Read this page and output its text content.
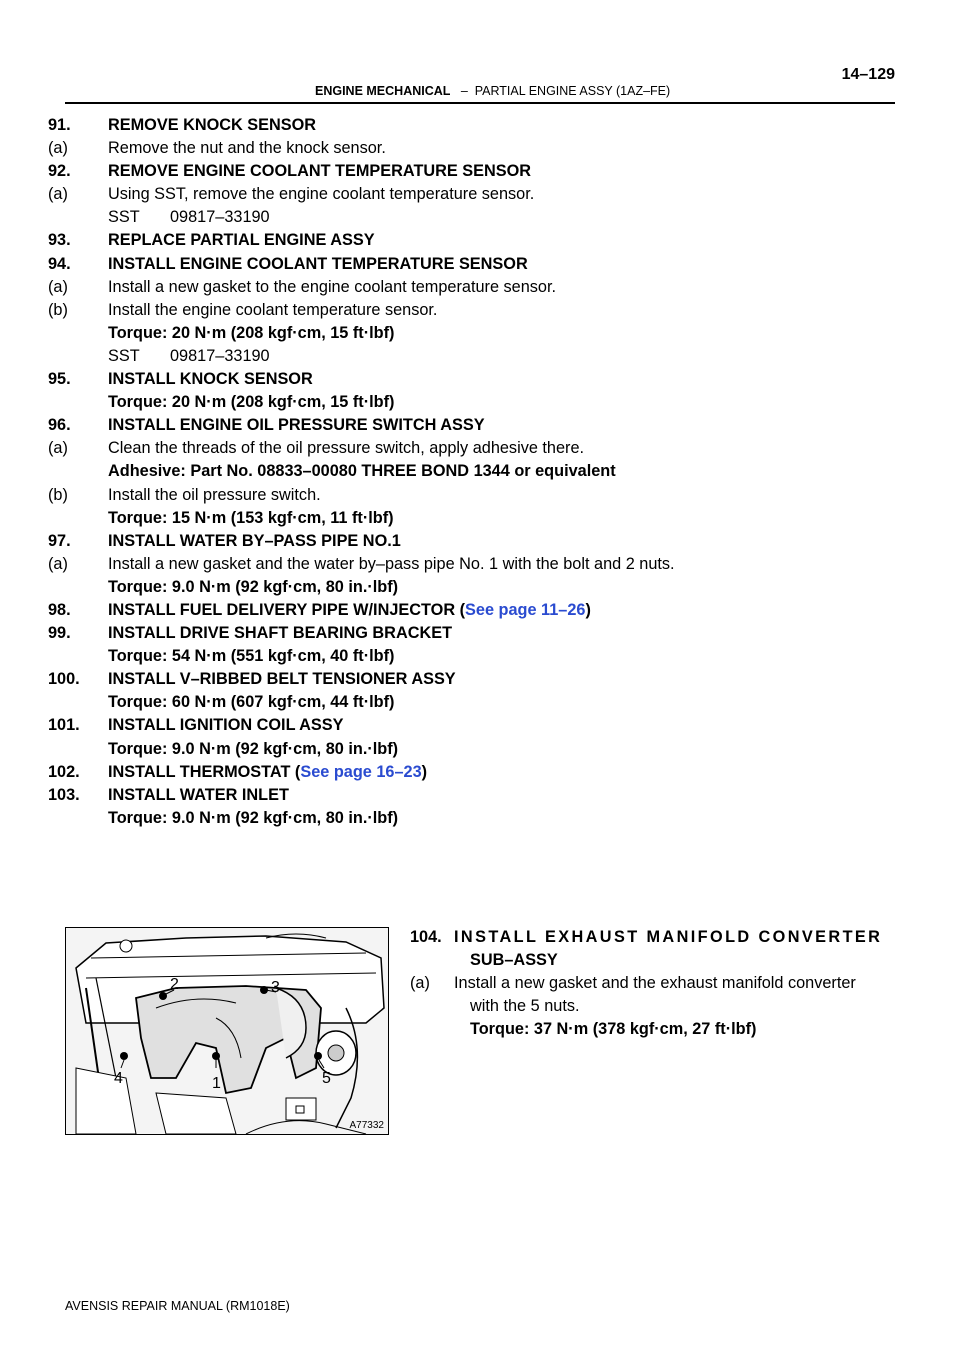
ENGINE MECHANICAL – PARTIAL ENGINE ASSY (1AZ–FE)
14–129
91. REMOVE KNOCK SENSOR
(a) Remove the nut and the knock sensor.
92. REMOVE ENGINE COOLANT TEMPERATURE SENSOR
(a) Using SST, remove the engine coolant temperature sensor.
SST 09817–33190
93. REPLACE PARTIAL ENGINE ASSY
94. INSTALL ENGINE COOLANT TEMPERATURE SENSOR
(a) Install a new gasket to the engine coolant temperature sensor.
(b) Install the engine coolant temperature sensor.
Torque: 20 N·m (208 kgf·cm, 15 ft·lbf)
SST 09817–33190
95. INSTALL KNOCK SENSOR
Torque: 20 N·m (208 kgf·cm, 15 ft·lbf)
96. INSTALL ENGINE OIL PRESSURE SWITCH ASSY
(a) Clean the threads of the oil pressure switch, apply adhesive there.
Adhesive: Part No. 08833–00080 THREE BOND 1344 or equivalent
(b) Install the oil pressure switch.
Torque: 15 N·m (153 kgf·cm, 11 ft·lbf)
97. INSTALL WATER BY–PASS PIPE NO.1
(a) Install a new gasket and the water by–pass pipe No. 1 with the bolt and 2 nuts.
Torque: 9.0 N·m (92 kgf·cm, 80 in.·lbf)
98. INSTALL FUEL DELIVERY PIPE W/INJECTOR (See page 11–26)
99. INSTALL DRIVE SHAFT BEARING BRACKET
Torque: 54 N·m (551 kgf·cm, 40 ft·lbf)
100. INSTALL V–RIBBED BELT TENSIONER ASSY
Torque: 60 N·m (607 kgf·cm, 44 ft·lbf)
101. INSTALL IGNITION COIL ASSY
Torque: 9.0 N·m (92 kgf·cm, 80 in.·lbf)
102. INSTALL THERMOSTAT (See page 16–23)
103. INSTALL WATER INLET
Torque: 9.0 N·m (92 kgf·cm, 80 in.·lbf)
2	3
4	1	5
A77332
104. INSTALL EXHAUST MANIFOLD CONVERTER
SUB–ASSY
(a) Install a new gasket and the exhaust manifold converter
with the 5 nuts.
Torque: 37 N·m (378 kgf·cm, 27 ft·lbf)
AVENSIS REPAIR MANUAL (RM1018E)
